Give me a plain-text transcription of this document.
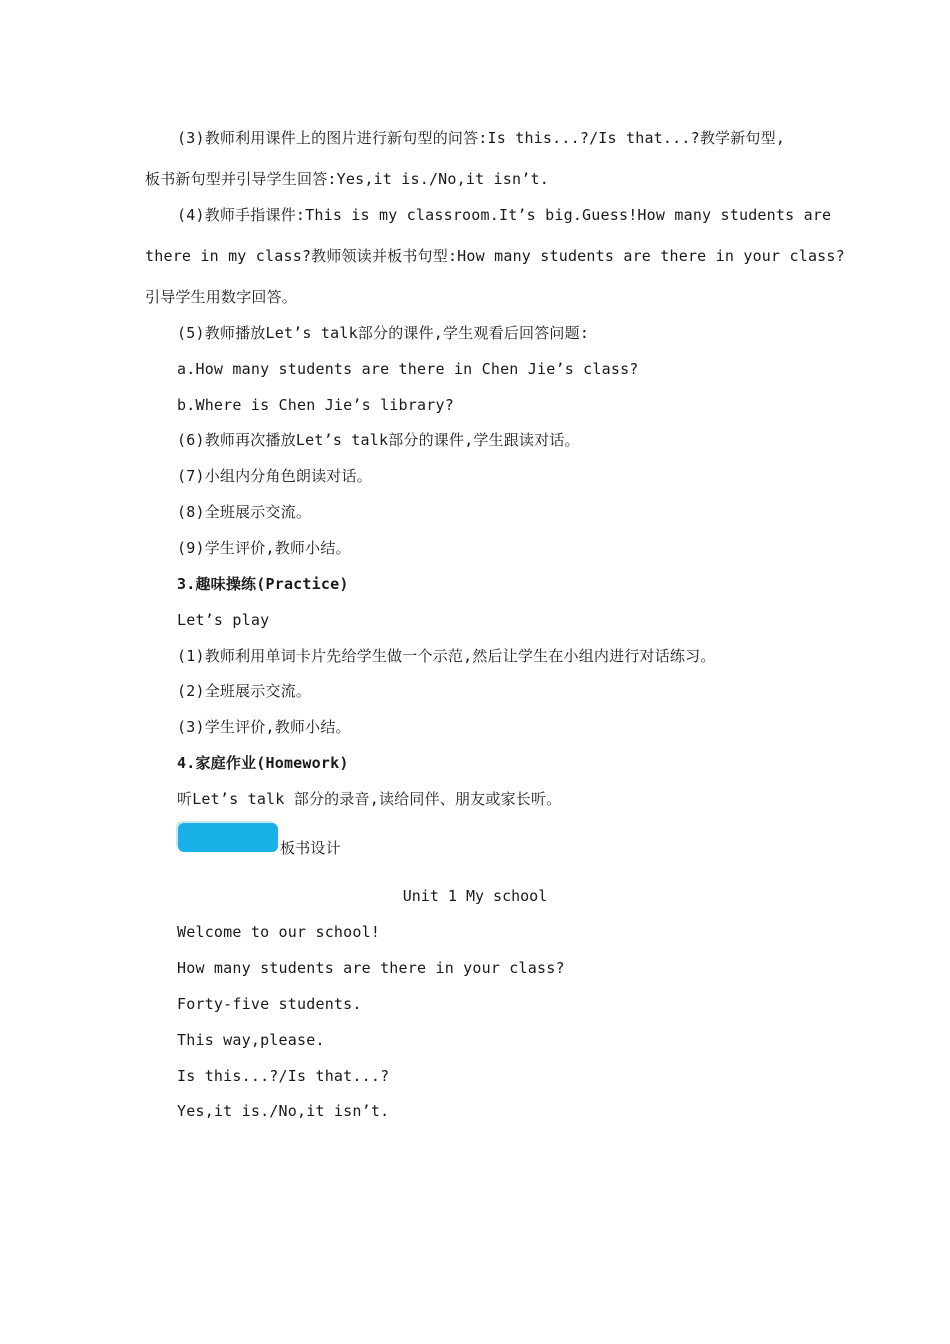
(3)教师利用课件上的图片进行新句型的问答:Is this...?/Is that...?教学新句型,
板书新句型并引导学生回答:Yes,it is./No,it isn’t.
(4)教师手指课件:This is my classroom.It’s big.Guess!How many students are
there in my class?教师领读并板书句型:How many students are there in your class?
引导学生用数字回答。
(5)教师播放Let’s talk部分的课件,学生观看后回答问题:
a.How many students are there in Chen Jie’s class?
b.Where is Chen Jie’s library?
(6)教师再次播放Let’s talk部分的课件,学生跟读对话。
(7)小组内分角色朗读对话。
(8)全班展示交流。
(9)学生评价,教师小结。
3.趣味操练(Practice)
Let’s play
(1)教师利用单词卡片先给学生做一个示范,然后让学生在小组内进行对话练习。
(2)全班展示交流。
(3)学生评价,教师小结。
4.家庭作业(Homework)
听Let’s talk 部分的录音,读给同伴、朋友或家长听。
板书设计
Unit 1 My school
Welcome to our school!
How many students are there in your class?
Forty-five students.
This way,please.
Is this...?/Is that...?
Yes,it is./No,it isn’t.
